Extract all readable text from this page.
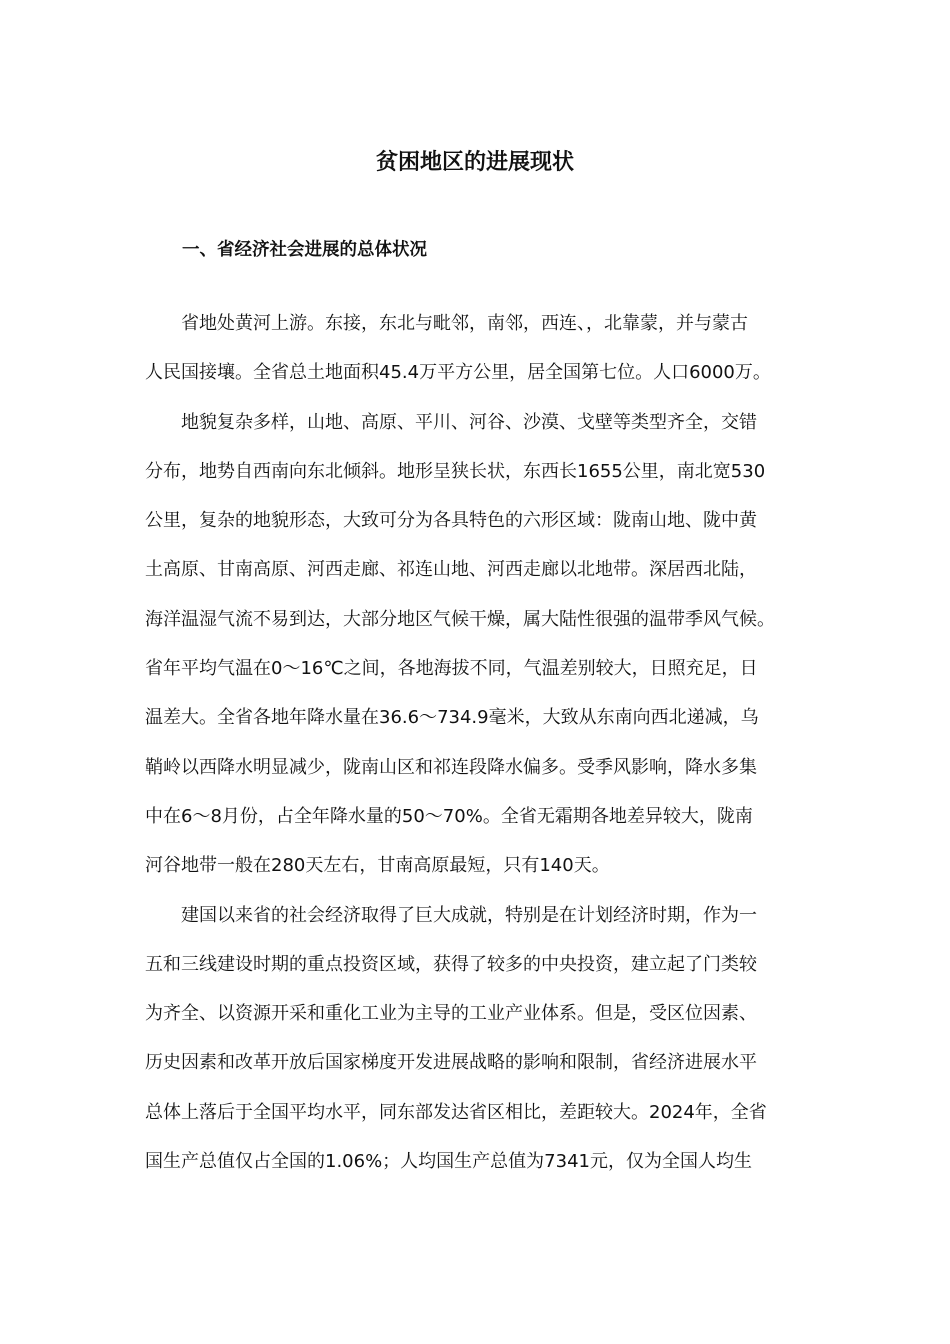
贫困地区的进展现状
一、省经济社会进展的总体状况

省地处黄河上游。东接，东北与毗邻，南邻，西连、，北靠蒙，并与蒙古
人民国接壤。全省总土地面积45.4万平方公里，居全国第七位。人口6000万。

地貌复杂多样，山地、高原、平川、河谷、沙漠、戈壁等类型齐全，交错
分布，地势自西南向东北倾斜。地形呈狭长状，东西长1655公里，南北宽530
公里，复杂的地貌形态，大致可分为各具特色的六形区域：陇南山地、陇中黄
土高原、甘南高原、河西走廊、祁连山地、河西走廊以北地带。深居西北陆，
海洋温湿气流不易到达，大部分地区气候干燥，属大陆性很强的温带季风气候。
省年平均气温在0～16℃之间，各地海拔不同，气温差别较大，日照充足，日
温差大。全省各地年降水量在36.6～734.9毫米，大致从东南向西北递减，乌
鞘岭以西降水明显减少，陇南山区和祁连段降水偏多。受季风影响，降水多集
中在6～8月份，占全年降水量的50～70%。全省无霜期各地差异较大，陇南
河谷地带一般在280天左右，甘南高原最短，只有140天。

建国以来省的社会经济取得了巨大成就，特别是在计划经济时期，作为一
五和三线建设时期的重点投资区域，获得了较多的中央投资，建立起了门类较
为齐全、以资源开采和重化工业为主导的工业产业体系。但是，受区位因素、
历史因素和改革开放后国家梯度开发进展战略的影响和限制，省经济进展水平
总体上落后于全国平均水平，同东部发达省区相比，差距较大。2024年，全省
国生产总值仅占全国的1.06%；人均国生产总值为7341元，仅为全国人均生
